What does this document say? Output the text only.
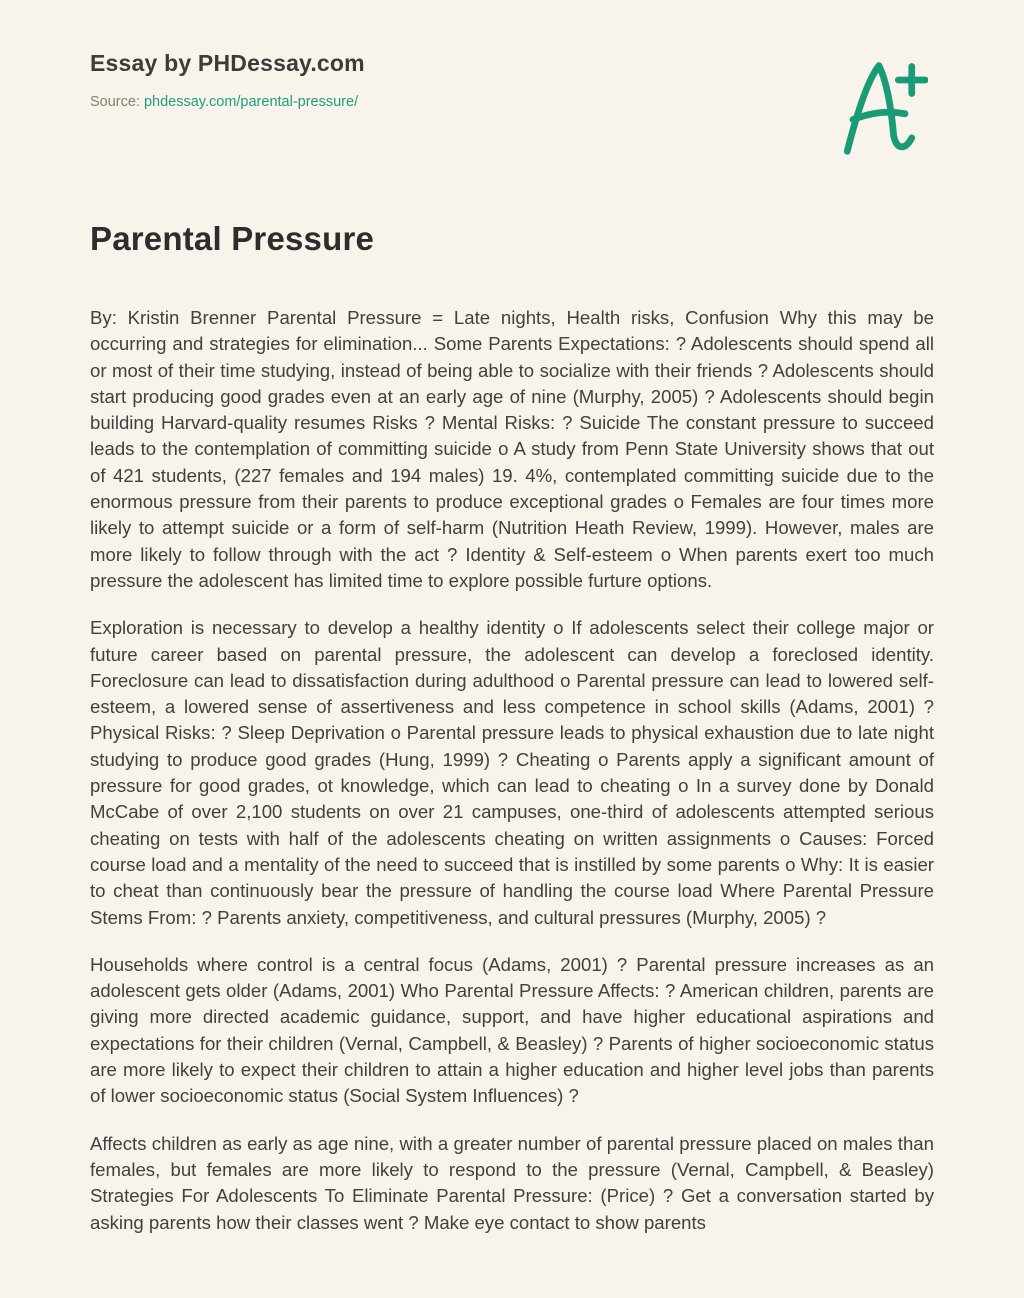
Essay by PHDessay.com
Source: phdessay.com/parental-pressure/
Parental Pressure

By: Kristin Brenner Parental Pressure = Late nights, Health risks, Confusion Why this may be occurring and strategies for elimination... Some Parents Expectations: ? Adolescents should spend all or most of their time studying, instead of being able to socialize with their friends ? Adolescents should start producing good grades even at an early age of nine (Murphy, 2005) ? Adolescents should begin building Harvard-quality resumes Risks ? Mental Risks: ? Suicide The constant pressure to succeed leads to the contemplation of committing suicide o A study from Penn State University shows that out of 421 students, (227 females and 194 males) 19. 4%, contemplated committing suicide due to the enormous pressure from their parents to produce exceptional grades o Females are four times more likely to attempt suicide or a form of self-harm (Nutrition Heath Review, 1999). However, males are more likely to follow through with the act ? Identity & Self-esteem o When parents exert too much pressure the adolescent has limited time to explore possible furture options.

Exploration is necessary to develop a healthy identity o If adolescents select their college major or future career based on parental pressure, the adolescent can develop a foreclosed identity. Foreclosure can lead to dissatisfaction during adulthood o Parental pressure can lead to lowered self-esteem, a lowered sense of assertiveness and less competence in school skills (Adams, 2001) ? Physical Risks: ? Sleep Deprivation o Parental pressure leads to physical exhaustion due to late night studying to produce good grades (Hung, 1999) ? Cheating o Parents apply a significant amount of pressure for good grades, ot knowledge, which can lead to cheating o In a survey done by Donald McCabe of over 2,100 students on over 21 campuses, one-third of adolescents attempted serious cheating on tests with half of the adolescents cheating on written assignments o Causes: Forced course load and a mentality of the need to succeed that is instilled by some parents o Why: It is easier to cheat than continuously bear the pressure of handling the course load Where Parental Pressure Stems From: ? Parents anxiety, competitiveness, and cultural pressures (Murphy, 2005) ?

Households where control is a central focus (Adams, 2001) ? Parental pressure increases as an adolescent gets older (Adams, 2001) Who Parental Pressure Affects: ? American children, parents are giving more directed academic guidance, support, and have higher educational aspirations and expectations for their children (Vernal, Campbell, & Beasley) ? Parents of higher socioeconomic status are more likely to expect their children to attain a higher education and higher level jobs than parents of lower socioeconomic status (Social System Influences) ?

Affects children as early as age nine, with a greater number of parental pressure placed on males than females, but females are more likely to respond to the pressure (Vernal, Campbell, & Beasley) Strategies For Adolescents To Eliminate Parental Pressure: (Price) ? Get a conversation started by asking parents how their classes went ? Make eye contact to show parents
